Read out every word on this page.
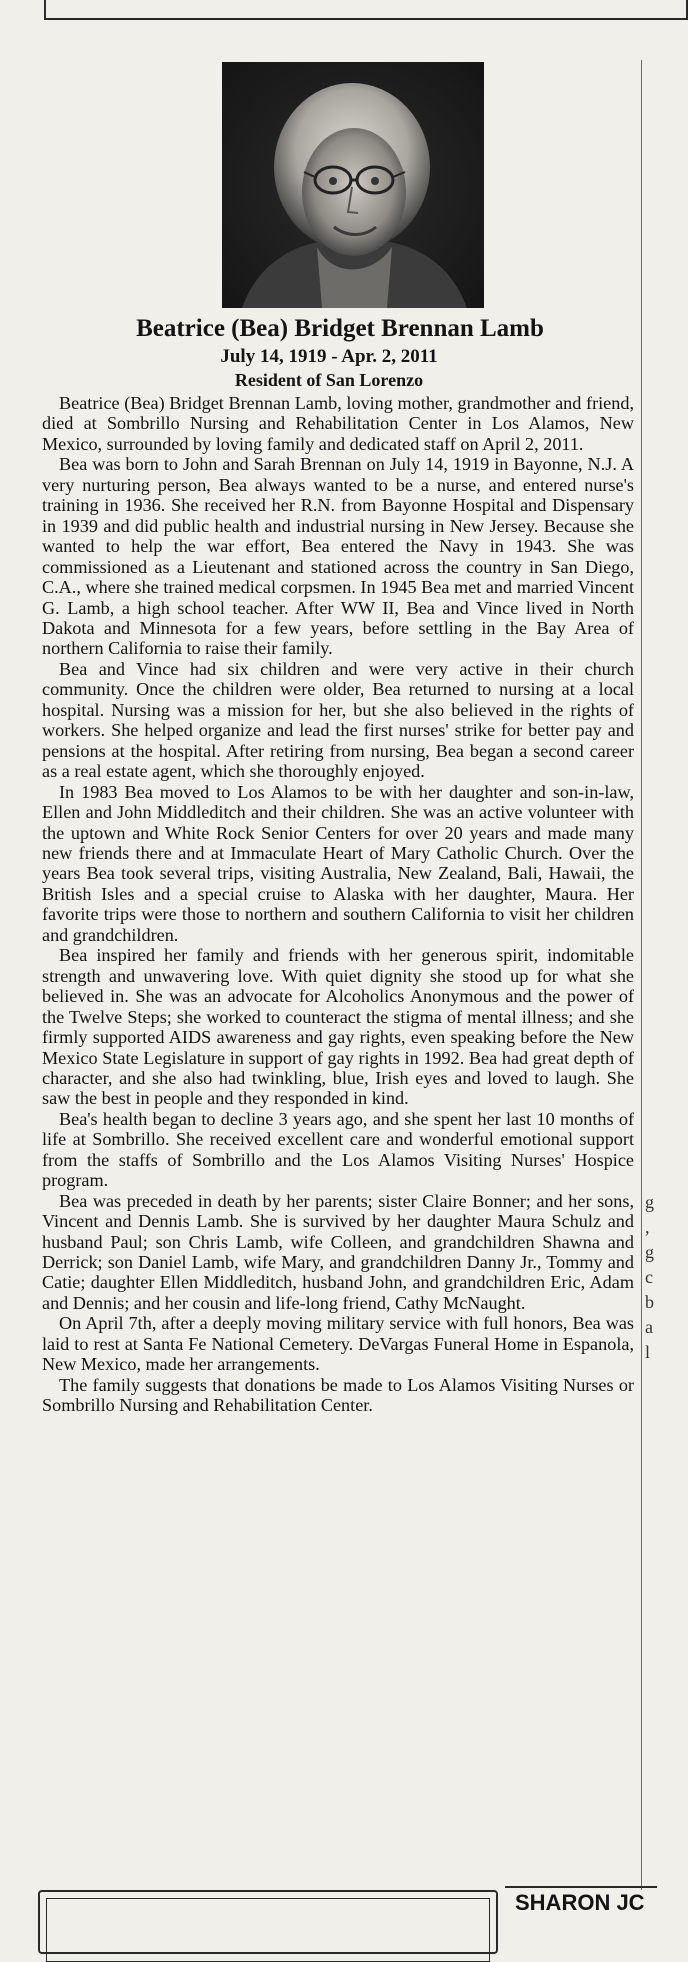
g , g c b a l
Beatrice (Bea) Bridget Brennan Lamb
July 14, 1919 - Apr. 2, 2011
Resident of San Lorenzo

Beatrice (Bea) Bridget Brennan Lamb, loving mother, grandmother and friend, died at Sombrillo Nursing and Rehabilitation Center in Los Alamos, New Mexico, surrounded by loving family and dedicated staff on April 2, 2011.

Bea was born to John and Sarah Brennan on July 14, 1919 in Bayonne, N.J. A very nurturing person, Bea always wanted to be a nurse, and entered nurse's training in 1936. She received her R.N. from Bayonne Hospital and Dispensary in 1939 and did public health and industrial nursing in New Jersey. Because she wanted to help the war effort, Bea entered the Navy in 1943. She was commissioned as a Lieutenant and stationed across the country in San Diego, C.A., where she trained medical corpsmen. In 1945 Bea met and married Vincent G. Lamb, a high school teacher. After WW II, Bea and Vince lived in North Dakota and Minnesota for a few years, before settling in the Bay Area of northern California to raise their family.

Bea and Vince had six children and were very active in their church community. Once the children were older, Bea returned to nursing at a local hospital. Nursing was a mission for her, but she also believed in the rights of workers. She helped organize and lead the first nurses' strike for better pay and pensions at the hospital. After retiring from nursing, Bea began a second career as a real estate agent, which she thoroughly enjoyed.

In 1983 Bea moved to Los Alamos to be with her daughter and son-in-law, Ellen and John Middleditch and their children. She was an active volunteer with the uptown and White Rock Senior Centers for over 20 years and made many new friends there and at Immaculate Heart of Mary Catholic Church. Over the years Bea took several trips, visiting Australia, New Zealand, Bali, Hawaii, the British Isles and a special cruise to Alaska with her daughter, Maura. Her favorite trips were those to northern and southern California to visit her children and grandchildren.

Bea inspired her family and friends with her generous spirit, indomitable strength and unwavering love. With quiet dignity she stood up for what she believed in. She was an advocate for Alcoholics Anonymous and the power of the Twelve Steps; she worked to counteract the stigma of mental illness; and she firmly supported AIDS awareness and gay rights, even speaking before the New Mexico State Legislature in support of gay rights in 1992. Bea had great depth of character, and she also had twinkling, blue, Irish eyes and loved to laugh. She saw the best in people and they responded in kind.

Bea's health began to decline 3 years ago, and she spent her last 10 months of life at Sombrillo. She received excellent care and wonderful emotional support from the staffs of Sombrillo and the Los Alamos Visiting Nurses' Hospice program.

Bea was preceded in death by her parents; sister Claire Bonner; and her sons, Vincent and Dennis Lamb. She is survived by her daughter Maura Schulz and husband Paul; son Chris Lamb, wife Colleen, and grandchildren Shawna and Derrick; son Daniel Lamb, wife Mary, and grandchildren Danny Jr., Tommy and Catie; daughter Ellen Middleditch, husband John, and grandchildren Eric, Adam and Dennis; and her cousin and life-long friend, Cathy McNaught.

On April 7th, after a deeply moving military service with full honors, Bea was laid to rest at Santa Fe National Cemetery. DeVargas Funeral Home in Espanola, New Mexico, made her arrangements.

The family suggests that donations be made to Los Alamos Visiting Nurses or Sombrillo Nursing and Rehabilitation Center.

SHARON JC
